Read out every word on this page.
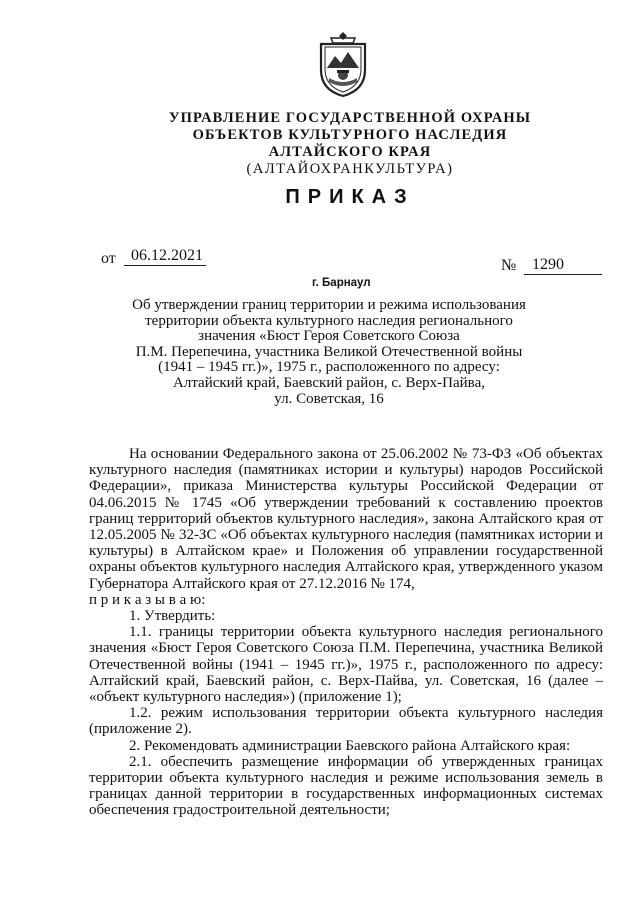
УПРАВЛЕНИЕ ГОСУДАРСТВЕННОЙ ОХРАНЫ
ОБЪЕКТОВ КУЛЬТУРНОГО НАСЛЕДИЯ
АЛТАЙСКОГО КРАЯ
(АЛТАЙОХРАНКУЛЬТУРА)
ПРИКАЗ
от 06.12.2021
№ 1290
г. Барнаул
Об утверждении границ территории и режима использования
территории объекта культурного наследия регионального
значения «Бюст Героя Советского Союза
П.М. Перепечина, участника Великой Отечественной войны
(1941 – 1945 гг.)», 1975 г., расположенного по адресу:
Алтайский край, Баевский район, с. Верх-Пайва,
ул. Советская, 16

На основании Федерального закона от 25.06.2002 № 73-ФЗ «Об объектах культурного наследия (памятниках истории и культуры) народов Российской Федерации», приказа Министерства культуры Российской Федерации от 04.06.2015 № 1745 «Об утверждении требований к составлению проектов границ территорий объектов культурного наследия», закона Алтайского края от 12.05.2005 № 32-ЗС «Об объектах культурного наследия (памятниках истории и культуры) в Алтайском крае» и Положения об управлении государственной охраны объектов культурного наследия Алтайского края, утвержденного указом Губернатора Алтайского края от 27.12.2016 № 174,

п р и к а з ы в а ю:

1. Утвердить:

1.1. границы территории объекта культурного наследия регионального значения «Бюст Героя Советского Союза П.М. Перепечина, участника Великой Отечественной войны (1941 – 1945 гг.)», 1975 г., расположенного по адресу: Алтайский край, Баевский район, с. Верх-Пайва, ул. Советская, 16 (далее – «объект культурного наследия») (приложение 1);

1.2. режим использования территории объекта культурного наследия (приложение 2).

2. Рекомендовать администрации Баевского района Алтайского края:

2.1. обеспечить размещение информации об утвержденных границах территории объекта культурного наследия и режиме использования земель в границах данной территории в государственных информационных системах обеспечения градостроительной деятельности;
